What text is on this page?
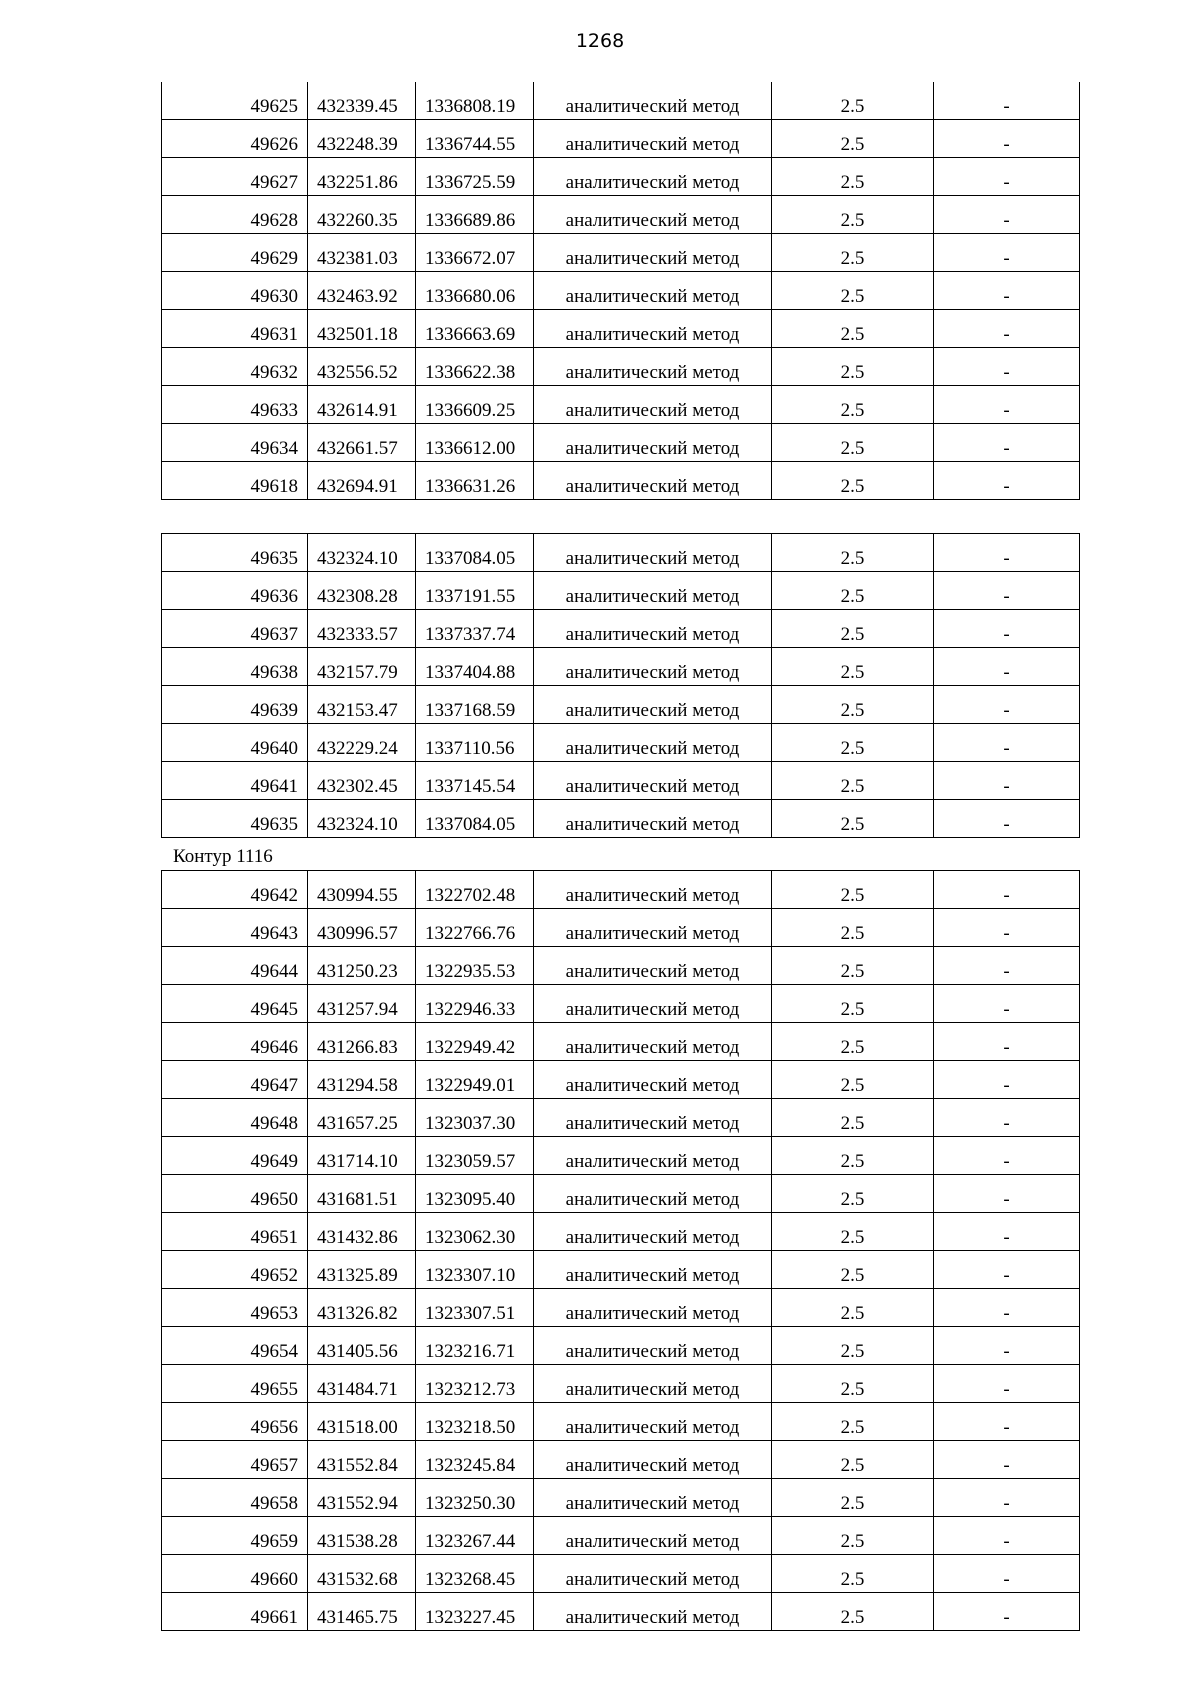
1268
49625	432339.45	1336808.19	аналитический метод	2.5	-
49626	432248.39	1336744.55	аналитический метод	2.5	-
49627	432251.86	1336725.59	аналитический метод	2.5	-
49628	432260.35	1336689.86	аналитический метод	2.5	-
49629	432381.03	1336672.07	аналитический метод	2.5	-
49630	432463.92	1336680.06	аналитический метод	2.5	-
49631	432501.18	1336663.69	аналитический метод	2.5	-
49632	432556.52	1336622.38	аналитический метод	2.5	-
49633	432614.91	1336609.25	аналитический метод	2.5	-
49634	432661.57	1336612.00	аналитический метод	2.5	-
49618	432694.91	1336631.26	аналитический метод	2.5	-
49635	432324.10	1337084.05	аналитический метод	2.5	-
49636	432308.28	1337191.55	аналитический метод	2.5	-
49637	432333.57	1337337.74	аналитический метод	2.5	-
49638	432157.79	1337404.88	аналитический метод	2.5	-
49639	432153.47	1337168.59	аналитический метод	2.5	-
49640	432229.24	1337110.56	аналитический метод	2.5	-
49641	432302.45	1337145.54	аналитический метод	2.5	-
49635	432324.10	1337084.05	аналитический метод	2.5	-
Контур 1116
49642	430994.55	1322702.48	аналитический метод	2.5	-
49643	430996.57	1322766.76	аналитический метод	2.5	-
49644	431250.23	1322935.53	аналитический метод	2.5	-
49645	431257.94	1322946.33	аналитический метод	2.5	-
49646	431266.83	1322949.42	аналитический метод	2.5	-
49647	431294.58	1322949.01	аналитический метод	2.5	-
49648	431657.25	1323037.30	аналитический метод	2.5	-
49649	431714.10	1323059.57	аналитический метод	2.5	-
49650	431681.51	1323095.40	аналитический метод	2.5	-
49651	431432.86	1323062.30	аналитический метод	2.5	-
49652	431325.89	1323307.10	аналитический метод	2.5	-
49653	431326.82	1323307.51	аналитический метод	2.5	-
49654	431405.56	1323216.71	аналитический метод	2.5	-
49655	431484.71	1323212.73	аналитический метод	2.5	-
49656	431518.00	1323218.50	аналитический метод	2.5	-
49657	431552.84	1323245.84	аналитический метод	2.5	-
49658	431552.94	1323250.30	аналитический метод	2.5	-
49659	431538.28	1323267.44	аналитический метод	2.5	-
49660	431532.68	1323268.45	аналитический метод	2.5	-
49661	431465.75	1323227.45	аналитический метод	2.5	-
